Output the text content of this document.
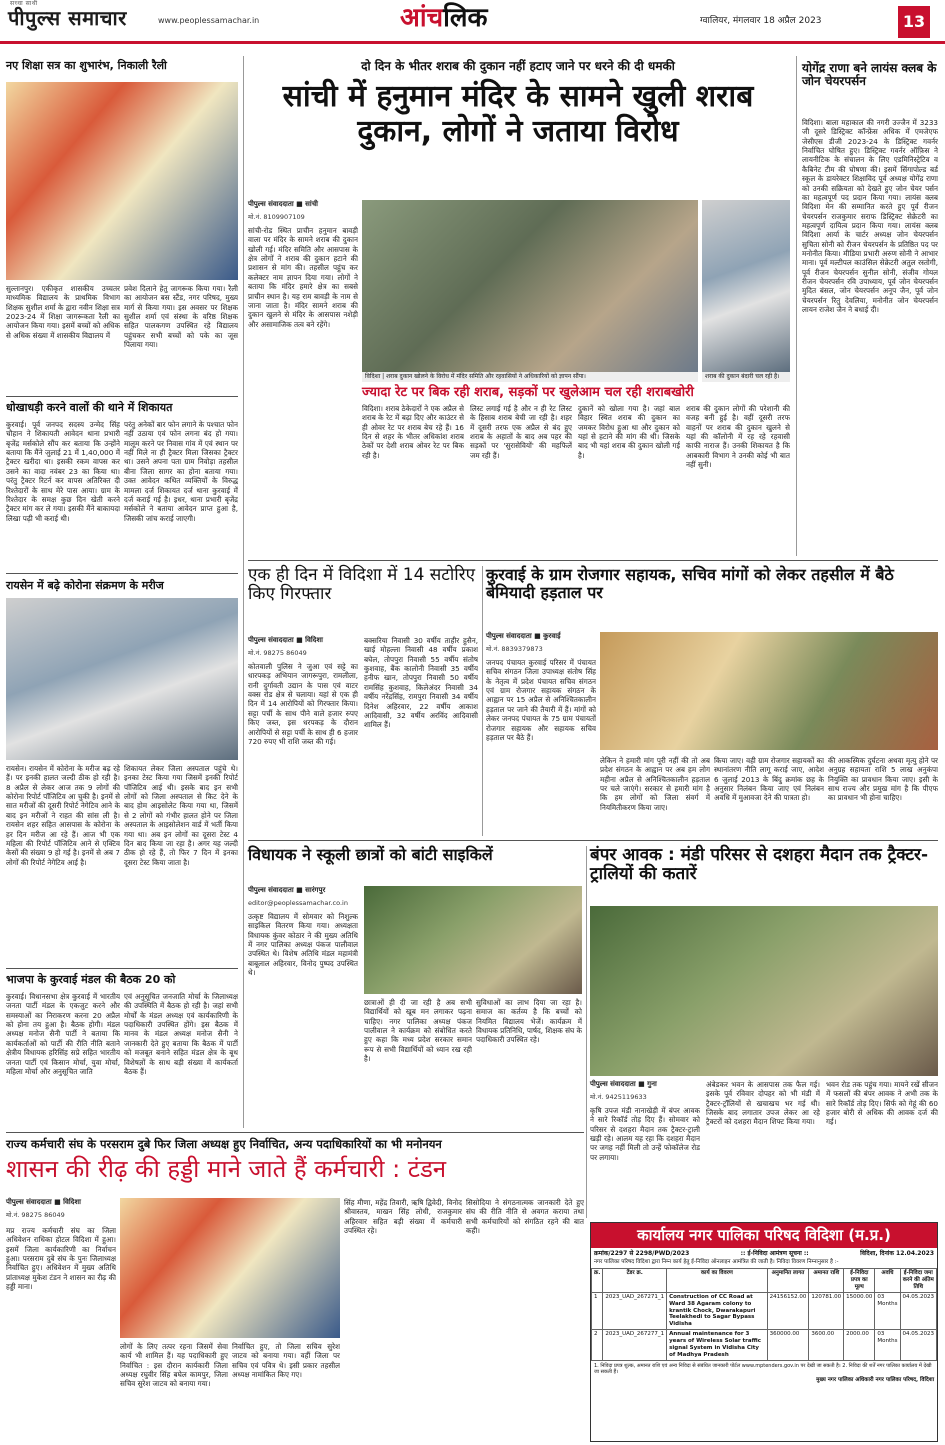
सच्चा साथी
पीपुल्स समाचार	www.peoplessamachar.in	आंचलिक	ग्वालियर, मंगलवार 18 अप्रैल 2023	13
नए शिक्षा सत्र का शुभारंभ, निकाली रैली
सुल्तानपुर। एकीकृत शासकीय उच्चतर माध्यमिक विद्यालय के प्राथमिक विभाग शिक्षक सुशील शर्मा के द्वारा नवीन शिक्षा सत्र 2023-24 में शिक्षा जागरूकता रैली का आयोजन किया गया। इसमें बच्चों को अधिक से अधिक संख्या में शासकीय विद्यालय में
प्रवेश दिलाने हेतु जागरूक किया गया। रैली का आयोजन बस स्टैंड, नगर परिषद, मुख्य मार्ग से किया गया। इस अवसर पर शिक्षक सुशील शर्मा एवं संस्था के वरिष्ठ शिक्षक सहित पालकगण उपस्थित रहे विद्यालय पहुंचकर सभी बच्चों को पके का जूस पिलाया गया।
धोखाधड़ी करने वालों की थाने में शिकायत
कुरवाई। पूर्व जनपद सदस्य उन्मेद सिंह चौहान ने शिकायती आवेदन थाना प्रभारी बृजेंद्र मर्सकोले सौंप कर बताया कि उन्होंने बताया कि मैंने जुलाई 21 में 1,40,000 में ट्रैक्टर खरीदा था। इसकी रकम वापस कर उसने का वादा नवंबर 23 का किया था। परंतु ट्रैक्टर रिटर्न कर वापस अतिरिक्त दी रिश्तेदारों के साथ मेरे पास आया। ग्राम के रिश्तेदार के समक्ष कुछ दिन खेती करने ट्रैक्टर मांग कर ले गया। इसकी मैंने बाकायदा लिखा पढ़ी भी कराई थी।
परंतु अनेकों बार फोन लगाने के पश्चात फोन नहीं उठाया एवं फोन लगना बंद हो गया। मालूम करने पर निवास गांव में एवं स्थान पर नहीं मिले ना ही ट्रैक्टर मिला जिसका ट्रैक्टर था। उसने अपना पता ग्राम निवोड़ा तहसील बीना जिला सागर का होना बताया गया। उक्त आवेदन कथित व्यक्तियों के विरुद्ध मामला दर्ज शिकायत दर्ज थाना कुरवाई में दर्ज कराई गई है। इधर, थाना प्रभारी बृजेंद्र मर्सकोले ने बताया आवेदन प्राप्त हुआ है, जिसकी जांच कराई जाएगी।
रायसेन में बढ़े कोरोना संक्रमण के मरीज
रायसेन। रायसेन में कोरोना के मरीज बढ़ रहे हैं। पर इनकी हालत जल्दी ठीक हो रही है। 8 अप्रैल से लेकर आज तक 9 लोगों की कोरोना रिपोर्ट पॉजिटिव आ चुकी है। इनमें से सात मरीजों की दूसरी रिपोर्ट नेगेटिव आने के बाद इन मरीजों ने राहत की सांस ली है। रायसेन शहर सहित आसपास के कोरोना के हर दिन मरीज आ रहे हैं। आज भी एक महिला की रिपोर्ट पॉजिटिव आने से एक्टिव केसों की संख्या 9 हो गई है। इनमें से अब 7 लोगों की रिपोर्ट नेगेटिव आई है।
शिकायत लेकर जिला अस्पताल पहुंचे थे। इनका टेस्ट किया गया जिसमें इनकी रिपोर्ट पॉजिटिव आई थी। इसके बाद इन सभी लोगों को जिला अस्पताल से किट देने के बाद होम आइसोलेट किया गया था, जिसमें से 2 लोगों को गंभीर हालत होने पर जिला अस्पताल के आइसोलेशन वार्ड में भर्ती किया गया था। अब इन लोगों का दूसरा टेस्ट 4 दिन बाद किया जा रहा है। अगर यह जल्दी ठीक हो रहे हैं, तो फिर 7 दिन में इनका दूसरा टेस्ट किया जाता है।
भाजपा के कुरवाई मंडल की बैठक 20 को
कुरवाई। विधानसभा क्षेत्र कुरवाई में भारतीय जनता पार्टी मंडल के एकजुट करने और समस्याओं का निराकरण करना 20 अप्रैल को होना तय हुआ है। बैठक होगी। मंडल अध्यक्ष मनोज सैनी पार्टी ने बताया कि कार्यकर्ताओं को पार्टी की रीति नीति बताने क्षेत्रीय विधायक हरिसिंह सप्रे सहित भारतीय जनता पार्टी एवं किसान मोर्चा, युवा मोर्चा, महिला मोर्चा और अनुसूचित जाति
एवं अनुसूचित जनजाति मोर्चा के जिलाध्यक्ष की उपस्थिति में बैठक हो रही है। जहां सभी मोर्चों के मंडल अध्यक्ष एवं कार्यकारिणी के पदाधिकारी उपस्थित होंगे। इस बैठक में मानव के मंडल अध्यक्ष मनोज सैनी ने जानकारी देते हुए बताया कि बैठक में पार्टी को मजबूत बनाने सहित मंडल क्षेत्र के बूथ विशेषज्ञों के साथ बड़ी संख्या में कार्यकर्ता बैठक हैं।
दो दिन के भीतर शराब की दुकान नहीं हटाए जाने पर धरने की दी धमकी
सांची में हनुमान मंदिर के सामने खुली शराब दुकान, लोगों ने जताया विरोध
पीपुल्स संवाददाता ■ सांची
मो.नं. 8109907109
सांची-रोड स्थित प्राचीन हनुमान बावड़ी वाला पर मंदिर के सामने शराब की दुकान खोली गई। मंदिर समिति और आसपास के क्षेत्र लोगों ने शराब की दुकान हटाने की प्रशासन से मांग की। तहसील पहुंच कर कलेक्टर नाम ज्ञापन दिया गया। लोगों ने बताया कि मंदिर हमारे क्षेत्र का सबसे प्राचीन स्थान है। यह राम बावड़ी के नाम से जाना जाता है। मंदिर सामने शराब की दुकान खुलने से मंदिर के आसपास नशेड़ी और असामाजिक तत्व बने रहेंगे।
विदिशा | शराब दुकान खोलने के विरोध में मंदिर समिति और रहवासियों ने अधिकारियों को ज्ञापन सौंपा।	शराब की दुकान बंदारी चल रही है।
ज्यादा रेट पर बिक रही शराब, सड़कों पर खुलेआम चल रही शराबखोरी
विदिशा। शराब ठेकेदारों ने एक अप्रैल से शराब के रेट में बढ़ा दिए और काउंटर से ही ओवर रेट पर शराब बेच रहे हैं। 16 दिन से शहर के भीतर अधिकांश शराब ठेकों पर देशी शराब ओवर रेट पर बिक रही है।
लिस्ट लगाई गई है और न ही रेट लिस्ट के हिसाब शराब बेची जा रही है। शहर में दूसरी तरफ एक अप्रैल से बंद हुए शराब के अहातों के बाद अब पहर की सड़कों पर 'सुरासेवियों' की महफिलें जम रही हैं।
दुकानें को खोला गया है। जहां बाल विहार स्थित शराब की दुकान का जमकर विरोध हुआ था और दुकान को यहां से हटाने की मांग की थी। जिसके बाद भी यहां शराब की दुकान खोली गई है।
शराब की दुकान लोगों की परेशानी की वजह बनी हुई है। वहीं दूसरी तरफ वाहनों पर शराब की दुकान खुलने से यहां की कॉलोनी में रह रहे रहवासी काफी नाराज हैं। उनकी शिकायत है कि आबकारी विभाग ने उनकी कोई भी बात नहीं सुनी।
योगेंद्र राणा बने लायंस क्लब के जोन चेयरपर्सन
विदिशा। बाला महाकाल की नगरी उज्जैन में 3233 जी दूसरे डिस्ट्रिक्ट कॉन्फ्रेंस अधिक में एमजेएफ जेसीएस डीजी 2023-24 के डिस्ट्रिक्ट गवर्नर निर्वाचित घोषित हुए। डिस्ट्रिक्ट गवर्नर ऑफ़िस ने लायनीटिक के संचालन के लिए एडमिनिस्ट्रेटिव व कैबिनेट टीम की घोषणा की। इसमें सिंगापोल्ड बर्ड स्कूल के डायरेक्टर शिक्षाविद पूर्व अध्यक्ष योगेंद्र राणा को उनकी सक्रियता को देखते हुए जोन चेयर पर्सन का महत्वपूर्ण पद प्रदान किया गया। लायंस क्लब विदिशा मेन की सम्मानित करते हुए पूर्व रीजन चेयरपर्सन राजकुमार सराफ डिस्ट्रिक्ट सेक्रेटरी का महत्वपूर्ण दायित्व प्रदान किया गया। लायंस क्लब विदिशा आर्या के चार्टर अध्यक्ष जोन चेयरपर्सन सुचिता सोनी को रीजन चेयरपर्सन के प्रतिष्ठित पद पर मनोनीत किया। मीडिया प्रभारी अरुण सोनी ने आभार माना। पूर्व मल्टीपल काउंसिल सेक्रेटरी अतुल रस्तोगी, पूर्व रीजन चेयरपर्सन सुनील सोनी, संजीव गोयल रीजन चेयरपर्सन रवि उपाध्याय, पूर्व जोन चेयरपर्सन मुदित बंसल, जोन चेयरपर्सन अनूप जैन, पूर्व जोन चेयरपर्सन रितु देवलिया, मनोनीत जोन चेयरपर्सन लायन राजेश जैन ने बधाई दी।
एक ही दिन में विदिशा में 14 सटोरिए किए गिरफ्तार
पीपुल्स संवाददाता ■ विदिशा
मो.नं. 98275 86049
कोतवाली पुलिस ने जुआ एवं सट्टे का धारपकड़ अभियान जागरूपुरा, रामलीला, रानी दुर्गावती उद्यान के पास एवं वाटर वक्स रोड क्षेत्र से चलाया। यहां से एक ही दिन में 14 आरोपियों को गिरफ्तार किया। सट्टा पर्ची के साथ पीने वाले हजार रुपए किए जब्त, इस धरपकड़ के दौरान आरोपियों से सट्टा पर्ची के साथ ही 6 हजार 720 रुपए भी राशि जब्त की गई।
बक्सरिया निवासी 30 वर्षीय ताहीर हुसैन, खाई मोहल्ला निवासी 48 वर्षीय प्रकाश बघेल, तोपपुरा निवासी 55 वर्षीय संतोष कुशवाह, बैंक कालोनी निवासी 35 वर्षीय हनीफ खान, तोपपुरा निवासी 50 वर्षीय रामसिंह कुशवाह, किलेअंदर निवासी 34 वर्षीय नरेंद्रसिंह, रामपुरा निवासी 34 वर्षीय दिनेश अहिरवार, 22 वर्षीय आकाश आदिवासी, 32 वर्षीय अरविंद आदिवासी शामिल हैं।
कुरवाई के ग्राम रोजगार सहायक, सचिव मांगों को लेकर तहसील में बैठे बेमियादी हड़ताल पर
पीपुल्स संवाददाता ■ कुरवाई
मो.नं. 8839379873
जनपद पंचायत कुरवाई परिसर में पंचायत सचिव संगठन जिला उपाध्यक्ष संतोष सिंह के नेतृत्व में प्रदेश पंचायत सचिव संगठन एवं ग्राम रोजगार सहायक संगठन के आह्वान पर 15 अप्रैल से अनिश्चितकालीन हड़ताल पर जाने की तैयारी में हैं। मांगों को लेकर जनपद पंचायत के 75 ग्राम पंचायतों रोजगार सहायक और सहायक सचिव हड़ताल पर बैठे हैं।
लेकिन ने हमारी मांग पूरी नहीं की तो अब प्रदेश संगठन के आह्वान पर अब हम लोग महीना अप्रैल से अनिश्चितकालीन हड़ताल पर चले जाएंगे। सरकार से हमारी मांग है कि हम लोगों को जिला संवर्ग में नियमितीकरण किया जाए।
किया जाए। वही ग्राम रोजगार सहायकों का स्थानांतरण नीति लागू कराई जाए, आदेश 6 जुलाई 2013 के बिंदु क्रमांक छह के अनुसार निलंबन किया जाए एवं निलंबन अवधि में मुआवजा देने की पात्रता हो।
की आकस्मिक दुर्घटना अथवा मृत्यु होने पर अनुग्रह सहायता राशि 5 लाख अनुकंपा नियुक्ति का प्रावधान किया जाए। इसी के साथ राज्य और प्रमुख मांग है कि पीएफ का प्रावधान भी होना चाहिए।
विधायक ने स्कूली छात्रों को बांटी साइकिलें
पीपुल्स संवाददाता ■ सारंगपुर
editor@peoplessamachar.co.in
उत्कृष्ट विद्यालय में सोमवार को निशुल्क साइकिल वितरण किया गया। अध्यक्षता विधायक कुंवर कोठार ने की मुख्य अतिथि में नगर पालिका अध्यक्ष पंकज पालीवाल उपस्थित थे। विशेष अतिथि मंडल महामंत्री बाबूलाल अहिरवार, विनोद पुष्पद उपस्थित थे।
छात्राओं ही दी जा रही है अब सभी विद्यार्थियों को खूब मन लगाकर पढ़ना चाहिए। नगर पालिका अध्यक्ष पंकज पालीवाल ने कार्यक्रम को संबोधित करते हुए कहा कि मध्य प्रदेश सरकार समान रूप से सभी विद्यार्थियों को ध्यान रख रही है।
सुविधाओं का लाभ दिया जा रहा है। समाज का कर्तव्य है कि बच्चों को नियमित विद्यालय भेजें। कार्यक्रम में विधायक प्रतिनिधि, पार्षद, शिक्षक संघ के पदाधिकारी उपस्थित रहे।
बंपर आवक : मंडी परिसर से दशहरा मैदान तक ट्रैक्टर-ट्रालियों की कतारें
पीपुल्स संवाददाता ■ गुना
मो.नं. 9425119633
कृषि उपज मंडी नानाखेड़ी में बंपर आवक ने सारे रिकॉर्ड तोड़ दिए हैं। सोमवार को परिसर से दशहरा मैदान तक ट्रैक्टर-ट्राली खड़ी रहे। आलम यह रहा कि दशहरा मैदान पर जगह नहीं मिली तो उन्हें फोकॉलेज रोड पर लगाया।
अंबेडकर भवन के आसपास तक फैल गई। इसके पूर्व रविवार दोपहर को भी मंडी में ट्रैक्टर-ट्रॉलियों से खचाखच भर गई थी। जिसके बाद लगातार उपज लेकर आ रहे ट्रैक्टरों को दशहरा मैदान शिफ्ट किया गया।
भवन रोड तक पहुंच गया। मायने रखें सीजन में फसलों की बंपर आवक ने अभी तक के सारे रिकॉर्ड तोड़ दिए। सिर्फ को गेहूं की 60 हजार बोरी से अधिक की आवक दर्ज की गई।
राज्य कर्मचारी संघ के परसराम दुबे फिर जिला अध्यक्ष हुए निर्वाचित, अन्य पदाधिकारियों का भी मनोनयन
शासन की रीढ़ की हड्डी माने जाते हैं कर्मचारी : टंडन
पीपुल्स संवाददाता ■ विदिशा
मो.नं. 98275 86049
मप्र राज्य कर्मचारी संघ का जिला अधिवेशन राधिका होटल विदिशा में हुआ। इसमें जिला कार्यकारिणी का निर्वाचन हुआ। परसराम दुबे संघ के पुनः जिलाध्यक्ष निर्वाचित हुए। अधिवेशन में मुख्य अतिथि प्रांताध्यक्ष मुकेश टंडन ने शासन का रीढ़ की हड्डी माना।
लोगों के लिए तत्पर रहना जिसमें सेवा कार्य भी शामिल हैं। यह पदाधिकारी हुए निर्वाचित : इस दौरान कार्यकारी जिला अध्यक्ष रघुवीर सिंह बघेल कामपुर, जिला सचिव सुरेश जाटव को बनाया गया।
निर्वाचित हुए, तो जिला सचिव सुरेश जाटव को बनाया गया। वहीं जिला पर सचिव एवं पवित्र थे। इसी प्रकार तहसील अध्यक्ष नामांकित किए गए।
सिंह मीणा, महेंद्र तिवारी, ऋषि द्विवेदी, विनोद श्रीवास्तव, माखन सिंह लोधी, राजकुमार अहिरवार सहित बड़ी संख्या में कर्मचारी उपस्थित रहे।
सिसोदिया ने संगठनात्मक जानकारी देते हुए संघ की रीति नीति से अवगत कराया तथा सभी कर्मचारियों को संगठित रहने की बात कही।	कार्यालय नगर पालिका परिषद विदिशा (म.प्र.)
क्रमांक/2297 से 2298/PWD/2023	:: ई-निविदा आमंत्रण सूचना ::	विदिशा, दिनांक 12.04.2023
नगर पालिका परिषद विदिशा द्वारा निम्न कार्य हेतु ई-निविदा ऑनलाइन आमंत्रित की जाती है। निविदा विवरण निम्नानुसार है :-
क्र.	टेंडर क्र.	कार्य का विवरण	अनुमानित लागत	अमानत राशि	ई-निविदा प्रपत्र का मूल्य	अवधि	ई-निविदा जमा करने की अंतिम तिथि
1	2023_UAD_267271_1	Construction of CC Road at Ward 38 Agaram colony to krantik Chock, Dwarakapuri Teelakhedi to Sagar Bypass Vidisha	24156152.00	120781.00	15000.00	03 Months	04.05.2023
2	2023_UAD_267277_1	Annual maintenance for 3 years of Wireless Solar traffic signal System in Vidisha City of Madhya Pradesh	360000.00	3600.00	2000.00	03 Months	04.05.2023
1. निविदा प्रपत्र शुल्क, अमानत राशि एवं अन्य निविदा से संबंधित जानकारी पोर्टल www.mptenders.gov.in पर देखी जा सकती है। 2. निविदा की शर्तें नगर पालिका कार्यालय में देखी जा सकती हैं।
मुख्य नगर पालिका अधिकारी नगर पालिका परिषद, विदिशा
